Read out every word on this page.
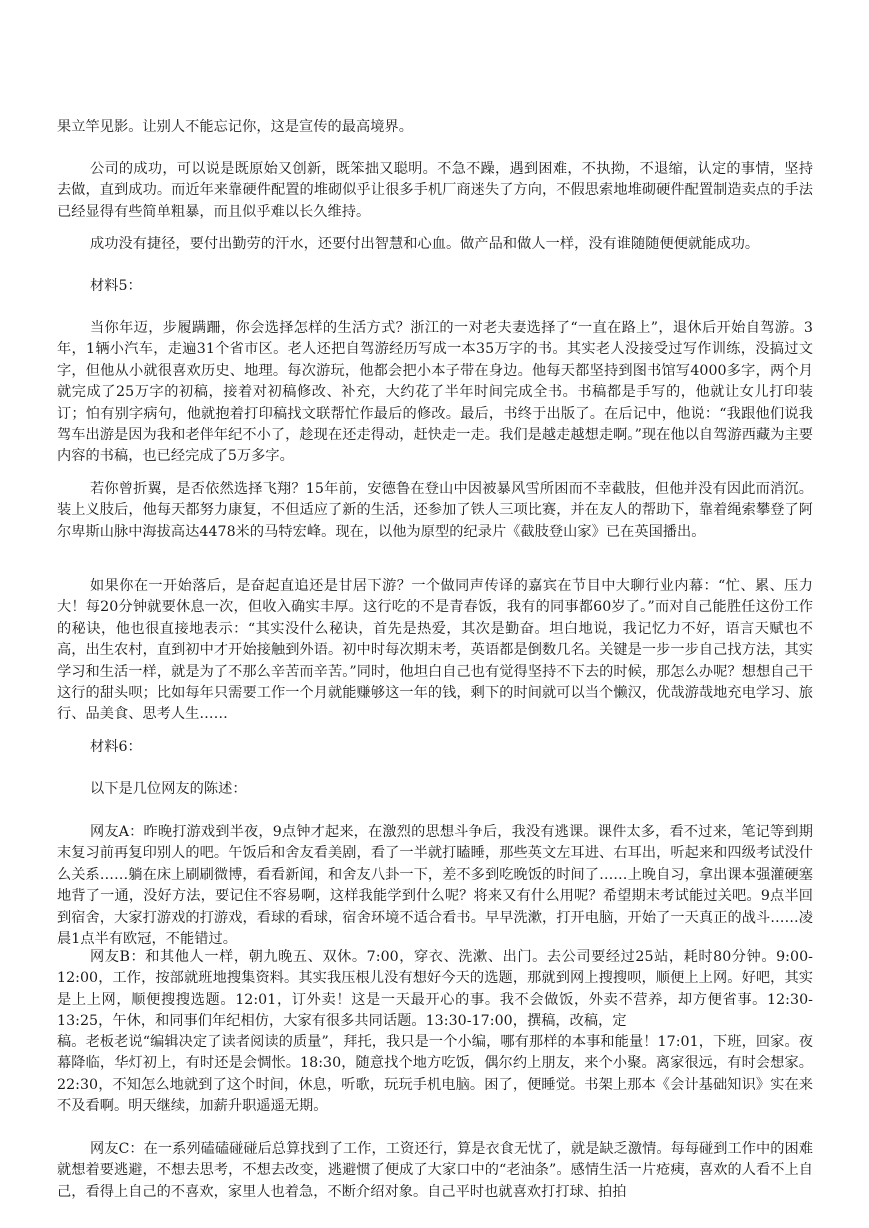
果立竿见影。让别人不能忘记你，这是宣传的最高境界。

公司的成功，可以说是既原始又创新，既笨拙又聪明。不急不躁，遇到困难，不执拗，不退缩，认定的事情，坚持去做，直到成功。而近年来靠硬件配置的堆砌似乎让很多手机厂商迷失了方向，不假思索地堆砌硬件配置制造卖点的手法已经显得有些简单粗暴，而且似乎难以长久维持。

成功没有捷径，要付出勤劳的汗水，还要付出智慧和心血。做产品和做人一样，没有谁随随便便就能成功。

材料5：

当你年迈，步履蹒跚，你会选择怎样的生活方式？浙江的一对老夫妻选择了“一直在路上”，退休后开始自驾游。3年，1辆小汽车，走遍31个省市区。老人还把自驾游经历写成一本35万字的书。其实老人没接受过写作训练，没搞过文字，但他从小就很喜欢历史、地理。每次游玩，他都会把小本子带在身边。他每天都坚持到图书馆写4000多字，两个月就完成了25万字的初稿，接着对初稿修改、补充，大约花了半年时间完成全书。书稿都是手写的，他就让女儿打印装订；怕有别字病句，他就抱着打印稿找文联帮忙作最后的修改。最后，书终于出版了。在后记中，他说：“我跟他们说我驾车出游是因为我和老伴年纪不小了，趁现在还走得动，赶快走一走。我们是越走越想走啊。”现在他以自驾游西藏为主要内容的书稿，也已经完成了5万多字。

若你曾折翼，是否依然选择飞翔？15年前，安德鲁在登山中因被暴风雪所困而不幸截肢，但他并没有因此而消沉。装上义肢后，他每天都努力康复，不但适应了新的生活，还参加了铁人三项比赛，并在友人的帮助下，靠着绳索攀登了阿尔卑斯山脉中海拔高达4478米的马特宏峰。现在，以他为原型的纪录片《截肢登山家》已在英国播出。

如果你在一开始落后，是奋起直追还是甘居下游？一个做同声传译的嘉宾在节目中大聊行业内幕：“忙、累、压力大！每20分钟就要休息一次，但收入确实丰厚。这行吃的不是青春饭，我有的同事都60岁了。”而对自己能胜任这份工作的秘诀，他也很直接地表示：“其实没什么秘诀，首先是热爱，其次是勤奋。坦白地说，我记忆力不好，语言天赋也不高，出生农村，直到初中才开始接触到外语。初中时每次期末考，英语都是倒数几名。关键是一步一步自己找方法，其实学习和生活一样，就是为了不那么辛苦而辛苦。”同时，他坦白自己也有觉得坚持不下去的时候，那怎么办呢？想想自己干这行的甜头呗；比如每年只需要工作一个月就能赚够这一年的钱，剩下的时间就可以当个懒汉，优哉游哉地充电学习、旅行、品美食、思考人生……

材料6：

以下是几位网友的陈述：

网友A：昨晚打游戏到半夜，9点钟才起来，在激烈的思想斗争后，我没有逃课。课件太多，看不过来，笔记等到期末复习前再复印别人的吧。午饭后和舍友看美剧，看了一半就打瞌睡，那些英文左耳进、右耳出，听起来和四级考试没什么关系……躺在床上刷刷微博，看看新闻，和舍友八卦一下，差不多到吃晚饭的时间了……上晚自习，拿出课本强灌硬塞地背了一通，没好方法，要记住不容易啊，这样我能学到什么呢？将来又有什么用呢？希望期末考试能过关吧。9点半回到宿舍，大家打游戏的打游戏，看球的看球，宿舍环境不适合看书。早早洗漱，打开电脑，开始了一天真正的战斗……凌晨1点半有欧冠，不能错过。

网友B：和其他人一样，朝九晚五、双休。7:00，穿衣、洗漱、出门。去公司要经过25站，耗时80分钟。9:00-12:00，工作，按部就班地搜集资料。其实我压根儿没有想好今天的选题，那就到网上搜搜呗，顺便上上网。好吧，其实是上上网，顺便搜搜选题。12:01，订外卖！这是一天最开心的事。我不会做饭，外卖不营养，却方便省事。12:30-13:25，午休，和同事们年纪相仿，大家有很多共同话题。13:30-17:00，撰稿，改稿，定

稿。老板老说“编辑决定了读者阅读的质量”，拜托，我只是一个小编，哪有那样的本事和能量！17:01，下班，回家。夜幕降临，华灯初上，有时还是会惆怅。18:30，随意找个地方吃饭，偶尔约上朋友，来个小聚。离家很远，有时会想家。22:30，不知怎么地就到了这个时间，休息，听歌，玩玩手机电脑。困了，便睡觉。书架上那本《会计基础知识》实在来不及看啊。明天继续，加薪升职遥遥无期。

网友C：在一系列磕磕碰碰后总算找到了工作，工资还行，算是衣食无忧了，就是缺乏激情。每每碰到工作中的困难就想着要逃避，不想去思考，不想去改变，逃避惯了便成了大家口中的“老油条”。感情生活一片疮痍，喜欢的人看不上自己，看得上自己的不喜欢，家里人也着急，不断介绍对象。自己平时也就喜欢打打球、拍拍
